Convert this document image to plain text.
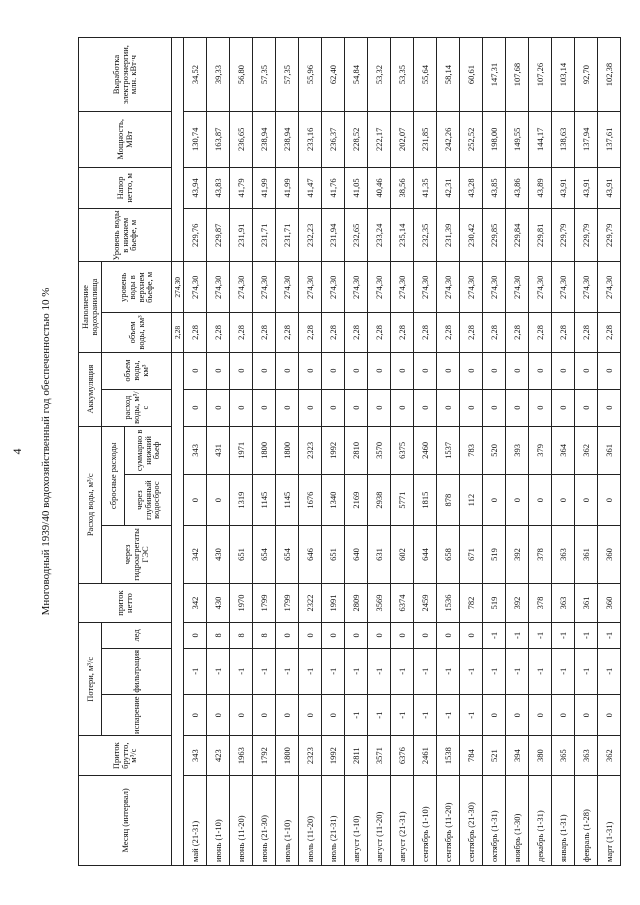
4 Многоводный 1939/40 водохозяйственный год обеспеченностью 10 %
Месяц (интервал)	Приток брутто, м³/с	Потери, м³/с			приток нетто	Расход воды, м³/с			Аккумуляция		Наполнение водохранилища		Уровень воды в нижнем бьефе, м	Напор нетто, м	Мощность, МВт	Выработка электроэнергии, млн. кВт·ч
		испарение	фильтрация	лед		через гидроагрегаты ГЭС	сбросные расходы		расход воды, м³/с	объем воды, км³	объем воды, км³	уровень воды в верхнем бьефе, м				
							через глубинный водосброс	суммарно в нижний бьеф								
											2,28	274,30				
май (21-31)	343	0	-1	0	342	342	0	343	0	0	2,28	274,30	229,76	43,94	130,74	34,52
июнь (1-10)	423	0	-1	8	430	430	0	431	0	0	2,28	274,30	229,87	43,83	163,87	39,33
июнь (11-20)	1963	0	-1	8	1970	651	1319	1971	0	0	2,28	274,30	231,91	41,79	236,65	56,80
июнь (21-30)	1792	0	-1	8	1799	654	1145	1800	0	0	2,28	274,30	231,71	41,99	238,94	57,35
июль (1-10)	1800	0	-1	0	1799	654	1145	1800	0	0	2,28	274,30	231,71	41,99	238,94	57,35
июль (11-20)	2323	0	-1	0	2322	646	1676	2323	0	0	2,28	274,30	232,23	41,47	233,16	55,96
июль (21-31)	1992	0	-1	0	1991	651	1340	1992	0	0	2,28	274,30	231,94	41,76	236,37	62,40
август (1-10)	2811	-1	-1	0	2809	640	2169	2810	0	0	2,28	274,30	232,65	41,05	228,52	54,84
август (11-20)	3571	-1	-1	0	3569	631	2938	3570	0	0	2,28	274,30	233,24	40,46	222,17	53,32
август (21-31)	6376	-1	-1	0	6374	602	5771	6375	0	0	2,28	274,30	235,14	38,56	202,07	53,35
сентябрь (1-10)	2461	-1	-1	0	2459	644	1815	2460	0	0	2,28	274,30	232,35	41,35	231,85	55,64
сентябрь (11-20)	1538	-1	-1	0	1536	658	878	1537	0	0	2,28	274,30	231,39	42,31	242,26	58,14
сентябрь (21-30)	784	-1	-1	0	782	671	112	783	0	0	2,28	274,30	230,42	43,28	252,52	60,61
октябрь (1-31)	521	0	-1	-1	519	519	0	520	0	0	2,28	274,30	229,85	43,85	198,00	147,31
ноябрь (1-30)	394	0	-1	-1	392	392	0	393	0	0	2,28	274,30	229,84	43,86	149,55	107,68
декабрь (1-31)	380	0	-1	-1	378	378	0	379	0	0	2,28	274,30	229,81	43,89	144,17	107,26
январь (1-31)	365	0	-1	-1	363	363	0	364	0	0	2,28	274,30	229,79	43,91	138,63	103,14
февраль (1-28)	363	0	-1	-1	361	361	0	362	0	0	2,28	274,30	229,79	43,91	137,94	92,70
март (1-31)	362	0	-1	-1	360	360	0	361	0	0	2,28	274,30	229,79	43,91	137,61	102,38
